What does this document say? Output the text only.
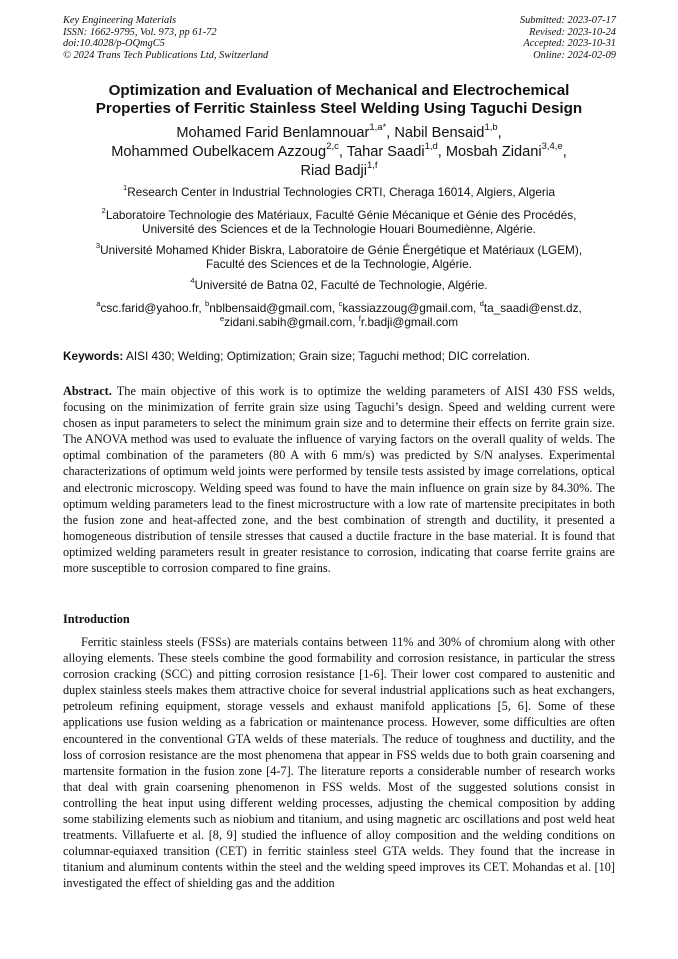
Key Engineering Materials
ISSN: 1662-9795, Vol. 973, pp 61-72
doi:10.4028/p-OQmgC5
© 2024 Trans Tech Publications Ltd, Switzerland
Submitted: 2023-07-17
Revised: 2023-10-24
Accepted: 2023-10-31
Online: 2024-02-09
Optimization and Evaluation of Mechanical and Electrochemical
Properties of Ferritic Stainless Steel Welding Using Taguchi Design
Mohamed Farid Benlamnouar$^{1,a*}$, Nabil Bensaid$^{1,b}$,
Mohammed Oubelkacem Azzoug$^{2,c}$, Tahar Saadi$^{1,d}$, Mosbah Zidani$^{3,4,e}$,
Riad Badji$^{1,f}$
$^1$Research Center in Industrial Technologies CRTI, Cheraga 16014, Algiers, Algeria
$^2$Laboratoire Technologie des Matériaux, Faculté Génie Mécanique et Génie des Procédés,
Université des Sciences et de la Technologie Houari Boumediènne, Algérie.
$^3$Université Mohamed Khider Biskra, Laboratoire de Génie Énergétique et Matériaux (LGEM),
Faculté des Sciences et de la Technologie, Algérie.
$^4$Université de Batna 02, Faculté de Technologie, Algérie.
$^a$csc.farid@yahoo.fr, $^b$nblbensaid@gmail.com, $^c$kassiazzoug@gmail.com, $^d$ta_saadi@enst.dz,
$^e$zidani.sabih@gmail.com, $^f$r.badji@gmail.com
Keywords: AISI 430; Welding; Optimization; Grain size; Taguchi method; DIC correlation.
Abstract. The main objective of this work is to optimize the welding parameters of AISI 430 FSS welds, focusing on the minimization of ferrite grain size using Taguchi’s design. Speed and welding current were chosen as input parameters to select the minimum grain size and to determine their effects on ferrite grain size. The ANOVA method was used to evaluate the influence of varying factors on the overall quality of welds. The optimal combination of the parameters (80 A with 6 mm/s) was predicted by S/N analyses. Experimental characterizations of optimum weld joints were performed by tensile tests assisted by image correlations, optical and electronic microscopy. Welding speed was found to have the main influence on grain size by 84.30%. The optimum welding parameters lead to the finest microstructure with a low rate of martensite precipitates in both the fusion zone and heat-affected zone, and the best combination of strength and ductility, it presented a homogeneous distribution of tensile stresses that caused a ductile fracture in the base material. It is found that optimized welding parameters result in greater resistance to corrosion, indicating that coarse ferrite grains are more susceptible to corrosion compared to fine grains.
Introduction

Ferritic stainless steels (FSSs) are materials contains between 11% and 30% of chromium along with other alloying elements. These steels combine the good formability and corrosion resistance, in particular the stress corrosion cracking (SCC) and pitting corrosion resistance [1-6]. Their lower cost compared to austenitic and duplex stainless steels makes them attractive choice for several industrial applications such as heat exchangers, petroleum refining equipment, storage vessels and exhaust manifold applications [5, 6]. Some of these applications use fusion welding as a fabrication or maintenance process. However, some difficulties are often encountered in the conventional GTA welds of these materials. The reduce of toughness and ductility, and the loss of corrosion resistance are the most phenomena that appear in FSS welds due to both grain coarsening and martensite formation in the fusion zone [4-7]. The literature reports a considerable number of research works that deal with grain coarsening phenomenon in FSS welds. Most of the suggested solutions consist in controlling the heat input using different welding processes, adjusting the chemical composition by adding some stabilizing elements such as niobium and titanium, and using magnetic arc oscillations and post weld heat treatments. Villafuerte et al. [8, 9] studied the influence of alloy composition and the welding conditions on columnar-equiaxed transition (CET) in ferritic stainless steel GTA welds. They found that the increase in titanium and aluminum contents within the steel and the welding speed improves its CET. Mohandas et al. [10] investigated the effect of shielding gas and the addition
